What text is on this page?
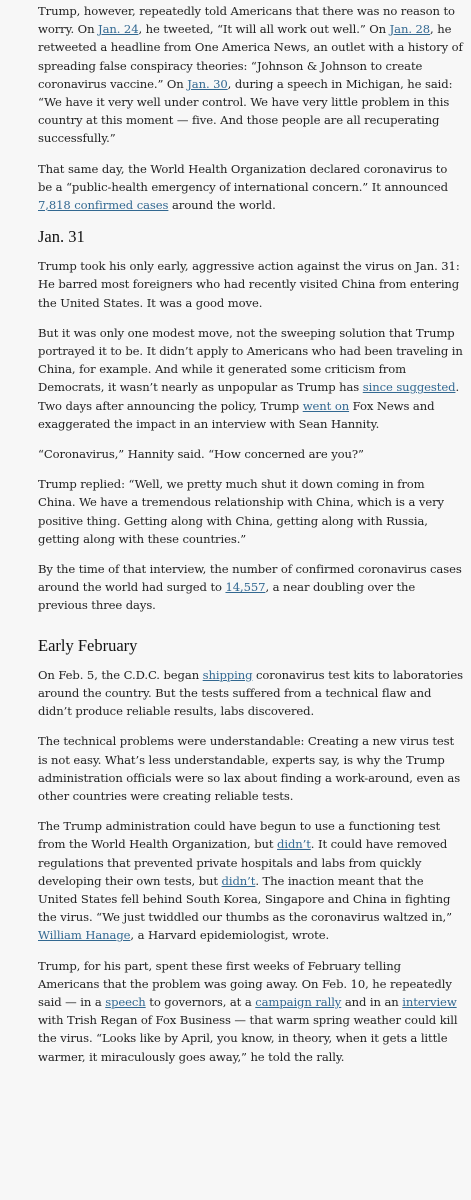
Trump, however, repeatedly told Americans that there was no reason to worry. On Jan. 24, he tweeted, “It will all work out well.” On Jan. 28, he retweeted a headline from One America News, an outlet with a history of spreading false conspiracy theories: “Johnson & Johnson to create coronavirus vaccine.” On Jan. 30, during a speech in Michigan, he said: “We have it very well under control. We have very little problem in this country at this moment — five. And those people are all recuperating successfully.”

That same day, the World Health Organization declared coronavirus to be a “public-health emergency of international concern.” It announced 7,818 confirmed cases around the world.

Jan. 31

Trump took his only early, aggressive action against the virus on Jan. 31: He barred most foreigners who had recently visited China from entering the United States. It was a good move.

But it was only one modest move, not the sweeping solution that Trump portrayed it to be. It didn’t apply to Americans who had been traveling in China, for example. And while it generated some criticism from Democrats, it wasn’t nearly as unpopular as Trump has since suggested. Two days after announcing the policy, Trump went on Fox News and exaggerated the impact in an interview with Sean Hannity.

“Coronavirus,” Hannity said. “How concerned are you?”

Trump replied: “Well, we pretty much shut it down coming in from China. We have a tremendous relationship with China, which is a very positive thing. Getting along with China, getting along with Russia, getting along with these countries.”

By the time of that interview, the number of confirmed coronavirus cases around the world had surged to 14,557, a near doubling over the previous three days.

Early February

On Feb. 5, the C.D.C. began shipping coronavirus test kits to laboratories around the country. But the tests suffered from a technical flaw and didn’t produce reliable results, labs discovered.

The technical problems were understandable: Creating a new virus test is not easy. What’s less understandable, experts say, is why the Trump administration officials were so lax about finding a work-around, even as other countries were creating reliable tests.

The Trump administration could have begun to use a functioning test from the World Health Organization, but didn’t. It could have removed regulations that prevented private hospitals and labs from quickly developing their own tests, but didn’t. The inaction meant that the United States fell behind South Korea, Singapore and China in fighting the virus. “We just twiddled our thumbs as the coronavirus waltzed in,” William Hanage, a Harvard epidemiologist, wrote.

Trump, for his part, spent these first weeks of February telling Americans that the problem was going away. On Feb. 10, he repeatedly said — in a speech to governors, at a campaign rally and in an interview with Trish Regan of Fox Business — that warm spring weather could kill the virus. “Looks like by April, you know, in theory, when it gets a little warmer, it miraculously goes away,” he told the rally.
